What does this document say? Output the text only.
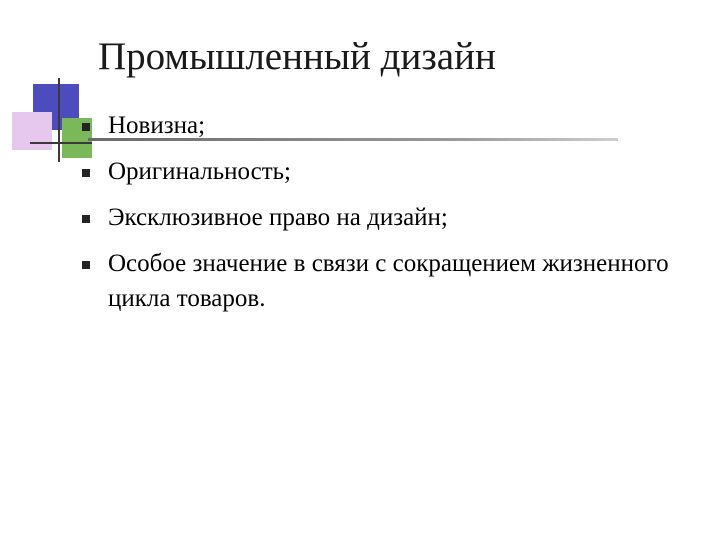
Промышленный дизайн
Новизна;
Оригинальность;
Эксклюзивное право на дизайн;
Особое значение в связи с сокращением жизненного цикла товаров.
